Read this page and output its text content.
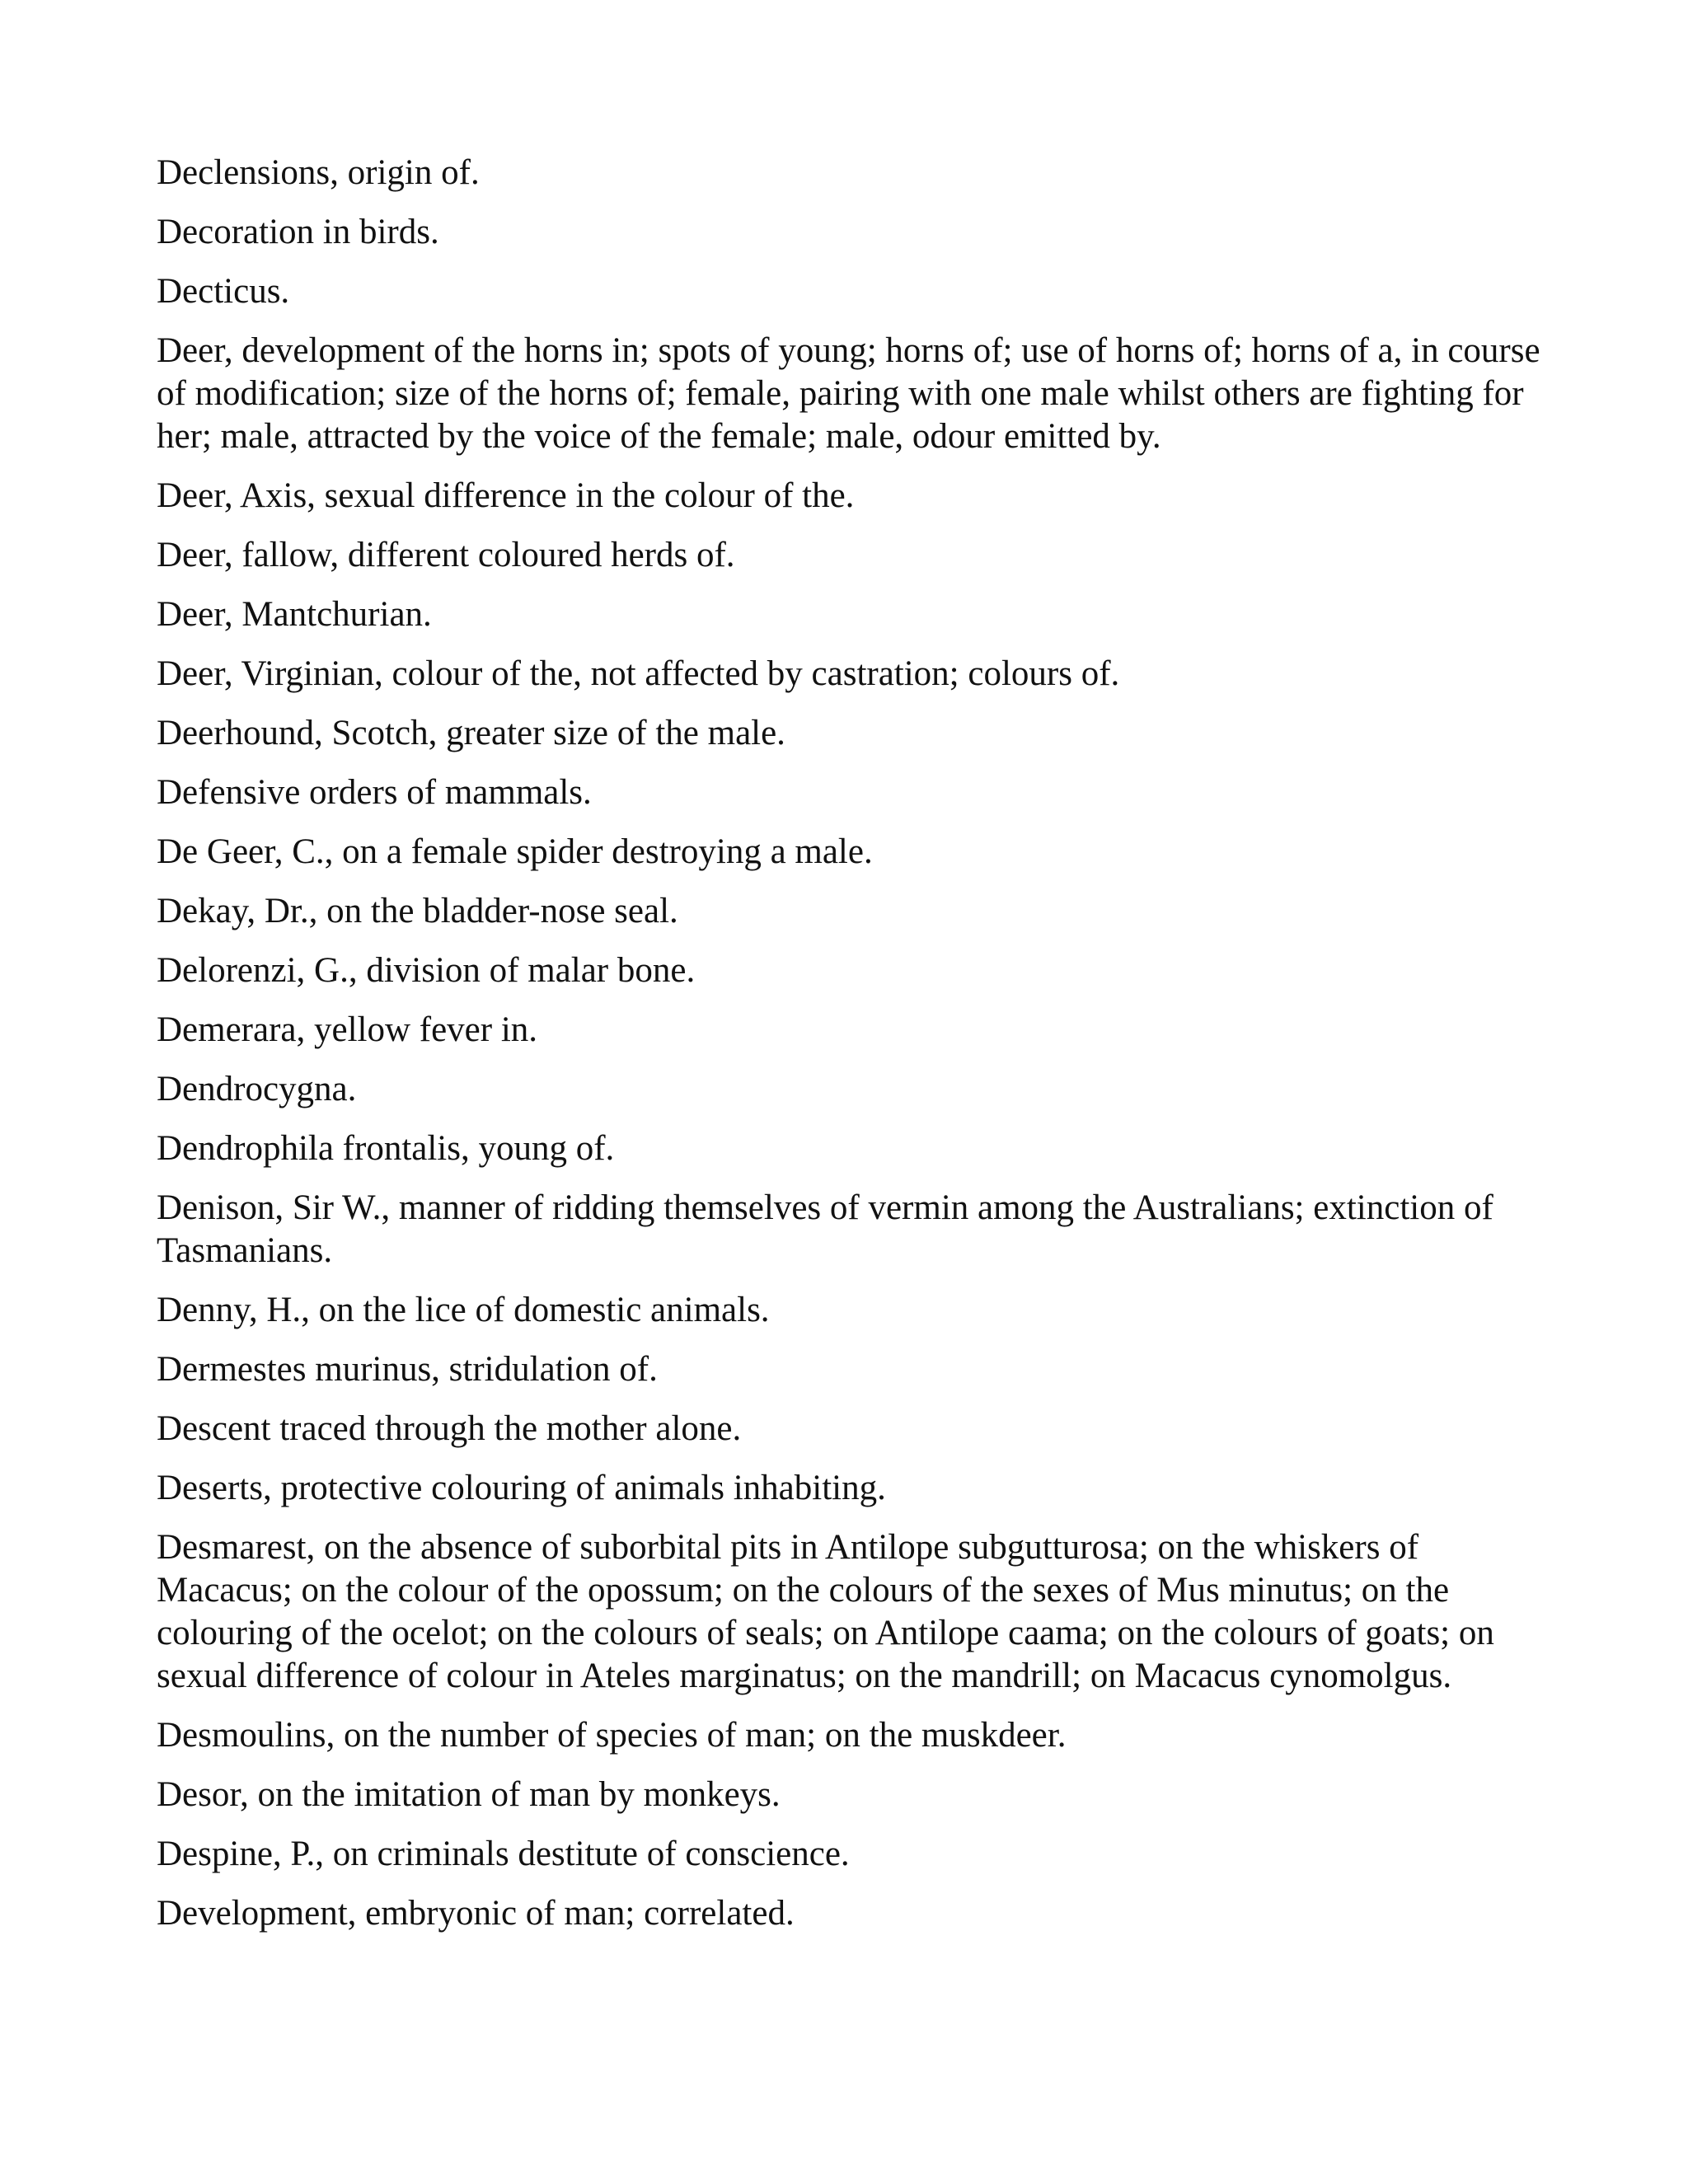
Declensions, origin of.
Decoration in birds.
Decticus.
Deer, development of the horns in; spots of young; horns of; use of horns of; horns of a, in course of modification; size of the horns of; female, pairing with one male whilst others are fighting for her; male, attracted by the voice of the female; male, odour emitted by.
Deer, Axis, sexual difference in the colour of the.
Deer, fallow, different coloured herds of.
Deer, Mantchurian.
Deer, Virginian, colour of the, not affected by castration; colours of.
Deerhound, Scotch, greater size of the male.
Defensive orders of mammals.
De Geer, C., on a female spider destroying a male.
Dekay, Dr., on the bladder-nose seal.
Delorenzi, G., division of malar bone.
Demerara, yellow fever in.
Dendrocygna.
Dendrophila frontalis, young of.
Denison, Sir W., manner of ridding themselves of vermin among the Australians; extinction of Tasmanians.
Denny, H., on the lice of domestic animals.
Dermestes murinus, stridulation of.
Descent traced through the mother alone.
Deserts, protective colouring of animals inhabiting.
Desmarest, on the absence of suborbital pits in Antilope subgutturosa; on the whiskers of Macacus; on the colour of the opossum; on the colours of the sexes of Mus minutus; on the colouring of the ocelot; on the colours of seals; on Antilope caama; on the colours of goats; on sexual difference of colour in Ateles marginatus; on the mandrill; on Macacus cynomolgus.
Desmoulins, on the number of species of man; on the muskdeer.
Desor, on the imitation of man by monkeys.
Despine, P., on criminals destitute of conscience.
Development, embryonic of man; correlated.
